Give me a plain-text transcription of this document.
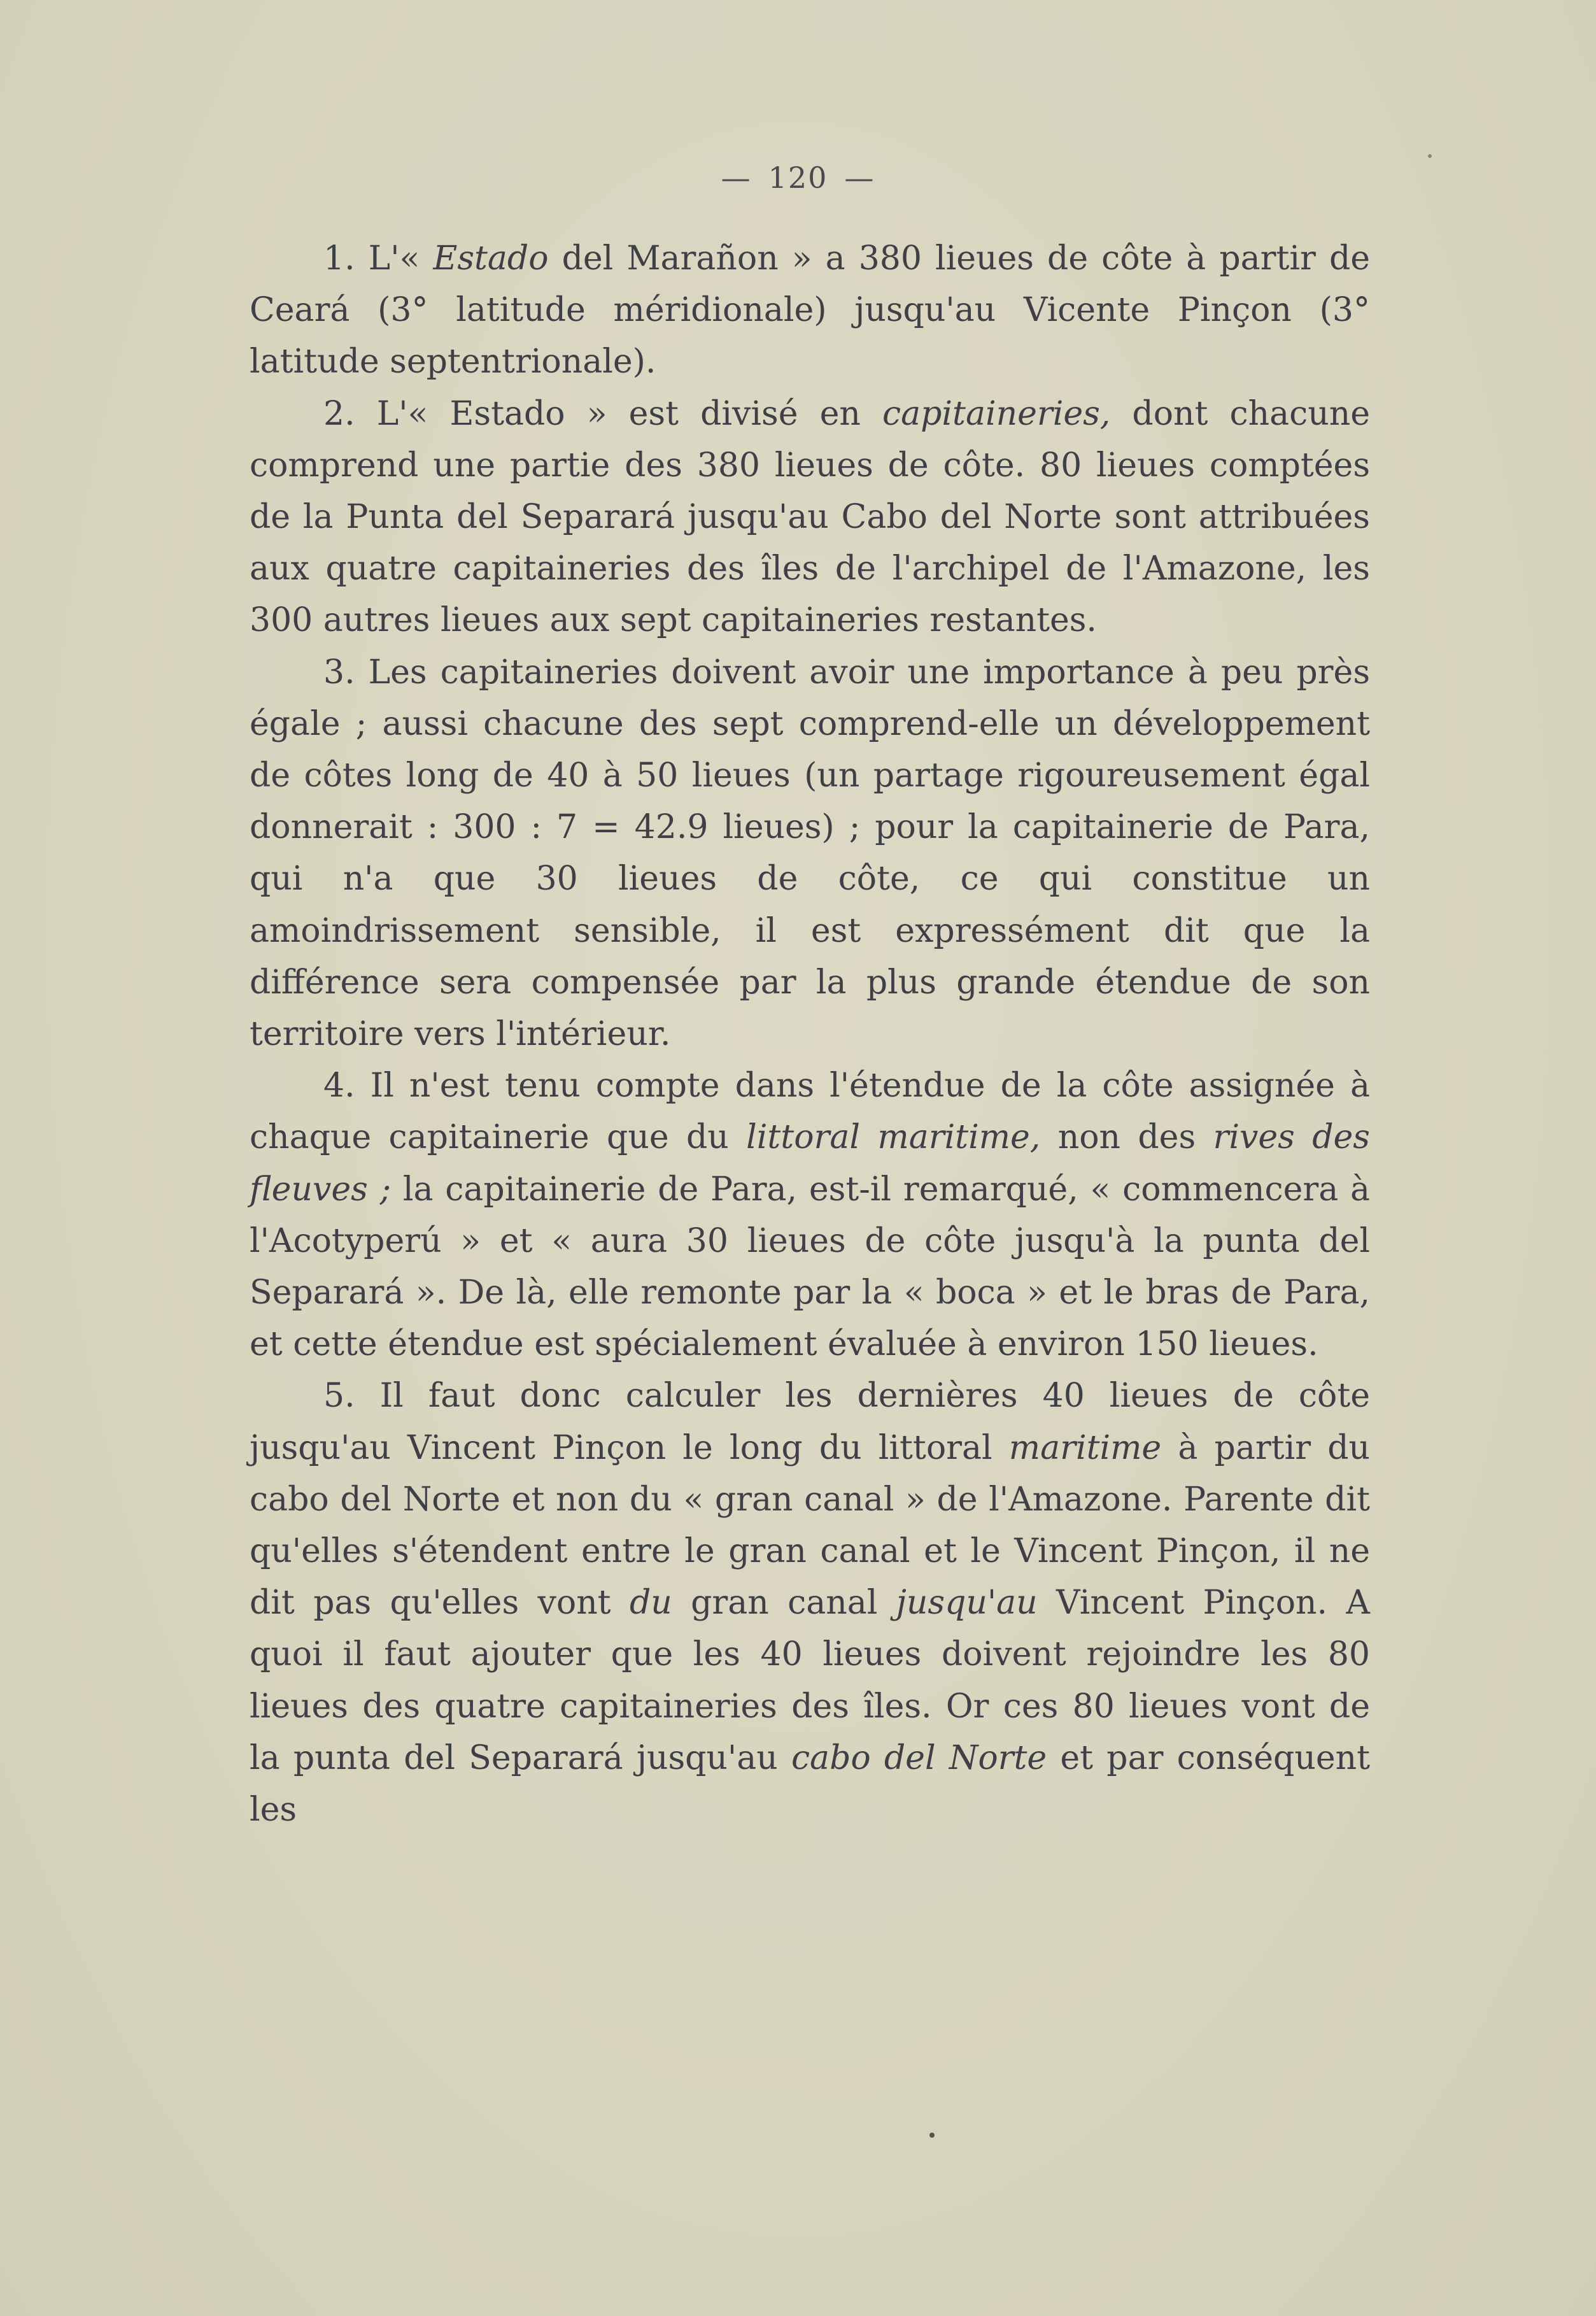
— 120 —

1. L'« Estado del Marañon » a 380 lieues de côte à partir de Ceará (3° latitude méridionale) jusqu'au Vicente Pinçon (3° latitude septentrionale).

2. L'« Estado » est divisé en capitaineries, dont chacune comprend une partie des 380 lieues de côte. 80 lieues comptées de la Punta del Separará jusqu'au Cabo del Norte sont attribuées aux quatre capitaineries des îles de l'archipel de l'Amazone, les 300 autres lieues aux sept capitaineries restantes.

3. Les capitaineries doivent avoir une importance à peu près égale ; aussi chacune des sept comprend-elle un développement de côtes long de 40 à 50 lieues (un partage rigoureusement égal donnerait : 300 : 7 = 42.9 lieues) ; pour la capitainerie de Para, qui n'a que 30 lieues de côte, ce qui constitue un amoindrissement sensible, il est expressément dit que la différence sera compensée par la plus grande étendue de son territoire vers l'intérieur.

4. Il n'est tenu compte dans l'étendue de la côte assignée à chaque capitainerie que du littoral maritime, non des rives des fleuves ; la capitainerie de Para, est-il remarqué, « commencera à l'Acotyperú » et « aura 30 lieues de côte jusqu'à la punta del Separará ». De là, elle remonte par la « boca » et le bras de Para, et cette étendue est spécialement évaluée à environ 150 lieues.

5. Il faut donc calculer les dernières 40 lieues de côte jusqu'au Vincent Pinçon le long du littoral maritime à partir du cabo del Norte et non du « gran canal » de l'Amazone. Parente dit qu'elles s'étendent entre le gran canal et le Vincent Pinçon, il ne dit pas qu'elles vont du gran canal jusqu'au Vincent Pinçon. A quoi il faut ajouter que les 40 lieues doivent rejoindre les 80 lieues des quatre capitaineries des îles. Or ces 80 lieues vont de la punta del Separará jusqu'au cabo del Norte et par conséquent les
